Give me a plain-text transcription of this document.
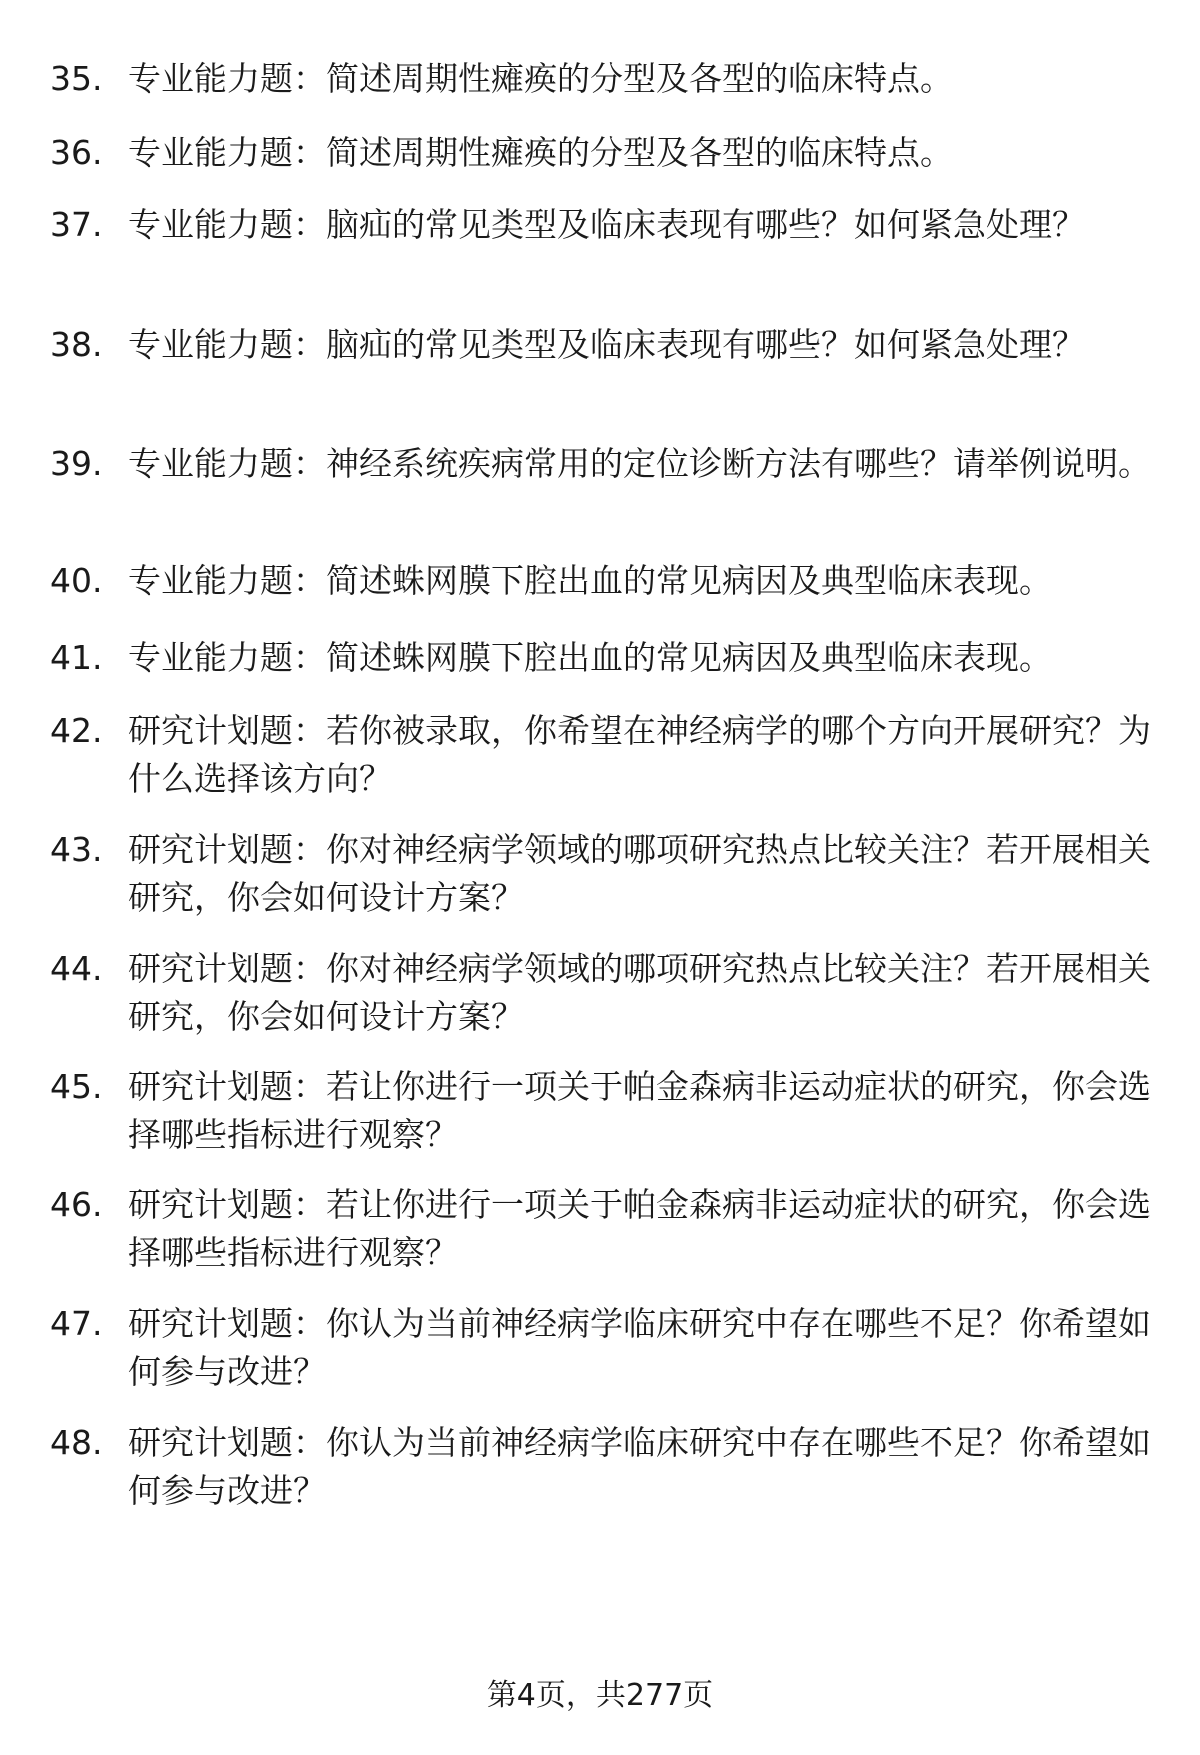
35. 专业能力题：简述周期性瘫痪的分型及各型的临床特点。
36. 专业能力题：简述周期性瘫痪的分型及各型的临床特点。
37. 专业能力题：脑疝的常见类型及临床表现有哪些？如何紧急处理？
38. 专业能力题：脑疝的常见类型及临床表现有哪些？如何紧急处理？
39. 专业能力题：神经系统疾病常用的定位诊断方法有哪些？请举例说明。
40. 专业能力题：简述蛛网膜下腔出血的常见病因及典型临床表现。
41. 专业能力题：简述蛛网膜下腔出血的常见病因及典型临床表现。
42. 研究计划题：若你被录取，你希望在神经病学的哪个方向开展研究？为什么选择该方向？
43. 研究计划题：你对神经病学领域的哪项研究热点比较关注？若开展相关研究，你会如何设计方案？
44. 研究计划题：你对神经病学领域的哪项研究热点比较关注？若开展相关研究，你会如何设计方案？
45. 研究计划题：若让你进行一项关于帕金森病非运动症状的研究，你会选择哪些指标进行观察？
46. 研究计划题：若让你进行一项关于帕金森病非运动症状的研究，你会选择哪些指标进行观察？
47. 研究计划题：你认为当前神经病学临床研究中存在哪些不足？你希望如何参与改进？
48. 研究计划题：你认为当前神经病学临床研究中存在哪些不足？你希望如何参与改进？
第4页，共277页
